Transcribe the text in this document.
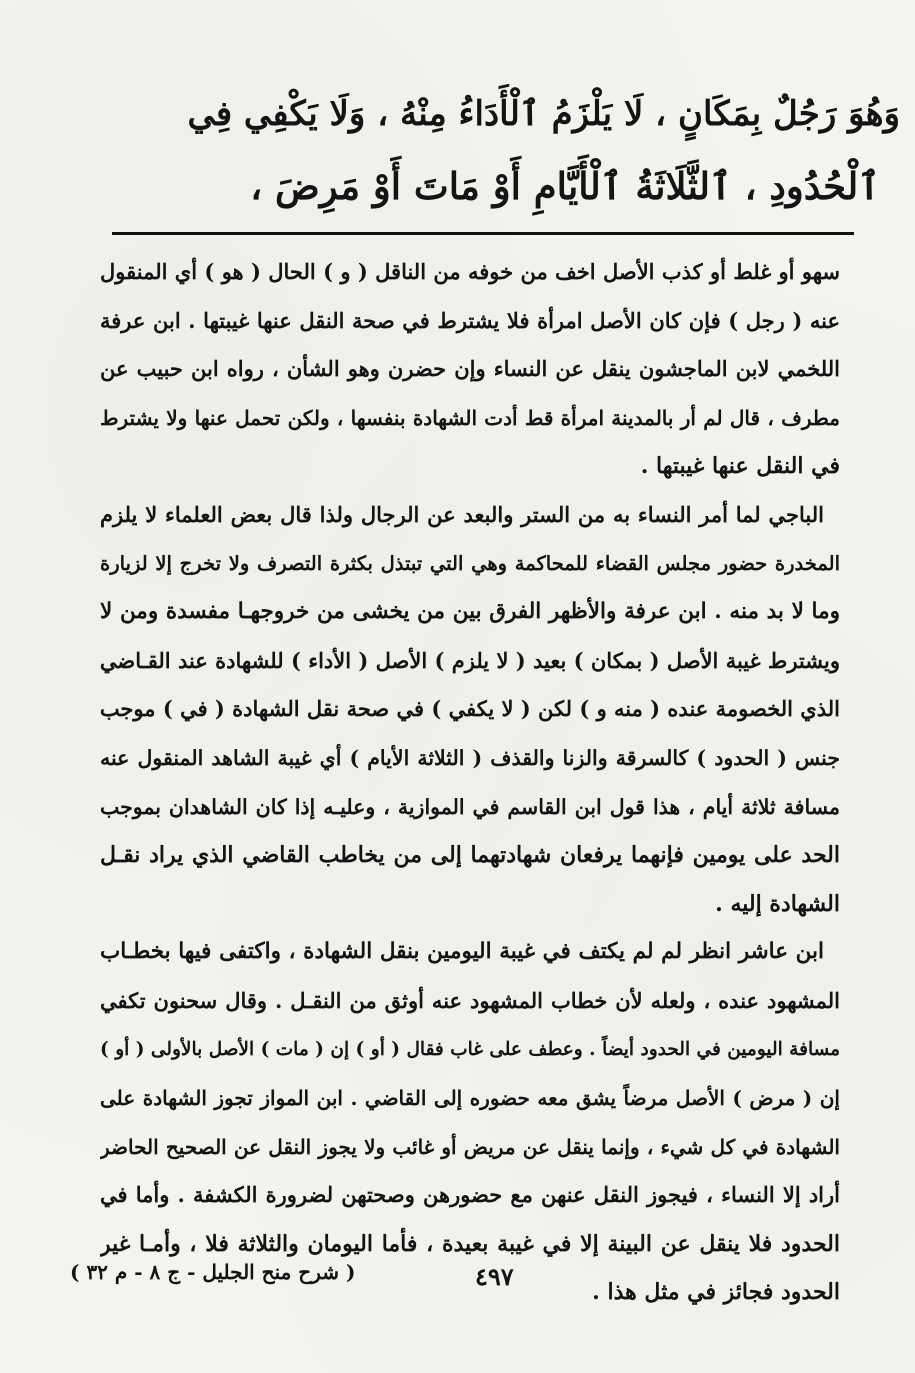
وَهُوَ رَجُلٌ بِمَكَانٍ ، لَا يَلْزَمُ ٱلْأَدَاءُ مِنْهُ ، وَلَا يَكْفِي فِي
ٱلْحُدُودِ ، ٱلثَّلَاثَةُ ٱلْأَيَّامِ أَوْ مَاتَ أَوْ مَرِضَ ،
سهو أو غلط أو كذب الأصل اخف من خوفه من الناقل ( و ) الحال ( هو ) أي المنقول
عنه ( رجل ) فإن كان الأصل امرأة فلا يشترط في صحة النقل عنها غيبتها . ابن عرفة
اللخمي لابن الماجشون ينقل عن النساء وإن حضرن وهو الشأن ، رواه ابن حبيب عن
مطرف ، قال لم أر بالمدينة امرأة قط أدت الشهادة بنفسها ، ولكن تحمل عنها ولا يشترط
في النقل عنها غيبتها .
الباجي لما أمر النساء به من الستر والبعد عن الرجال ولذا قال بعض العلماء لا يلزم
المخدرة حضور مجلس القضاء للمحاكمة وهي التي تبتذل بكثرة التصرف ولا تخرج إلا لزيارة
وما لا بد منه . ابن عرفة والأظهر الفرق بين من يخشى من خروجهـا مفسدة ومن لا
ويشترط غيبة الأصل ( بمكان ) بعيد ( لا يلزم ) الأصل ( الأداء ) للشهادة عند القـاضي
الذي الخصومة عنده ( منه و ) لكن ( لا يكفي ) في صحة نقل الشهادة ( في ) موجب
جنس ( الحدود ) كالسرقة والزنا والقذف ( الثلاثة الأيام ) أي غيبة الشاهد المنقول عنه
مسافة ثلاثة أيام ، هذا قول ابن القاسم في الموازية ، وعليـه إذا كان الشاهدان بموجب
الحد على يومين فإنهما يرفعان شهادتهما إلى من يخاطب القاضي الذي يراد نقـل
الشهادة إليه .
ابن عاشر انظر لم لم يكتف في غيبة اليومين بنقل الشهادة ، واكتفى فيها بخطـاب
المشهود عنده ، ولعله لأن خطاب المشهود عنه أوثق من النقـل . وقال سحنون تكفي
مسافة اليومين في الحدود أيضاً . وعطف على غاب فقال ( أو ) إن ( مات ) الأصل بالأولى ( أو )
إن ( مرض ) الأصل مرضاً يشق معه حضوره إلى القاضي . ابن المواز تجوز الشهادة على
الشهادة في كل شيء ، وإنما ينقل عن مريض أو غائب ولا يجوز النقل عن الصحيح الحاضر
أراد إلا النساء ، فيجوز النقل عنهن مع حضورهن وصحتهن لضرورة الكشفة . وأما في
الحدود فلا ينقل عن البينة إلا في غيبة بعيدة ، فأما اليومان والثلاثة فلا ، وأمـا غير
الحدود فجائز في مثل هذا .
٤٩٧
( شرح منح الجليل - ج ٨ - م ٣٢ )
